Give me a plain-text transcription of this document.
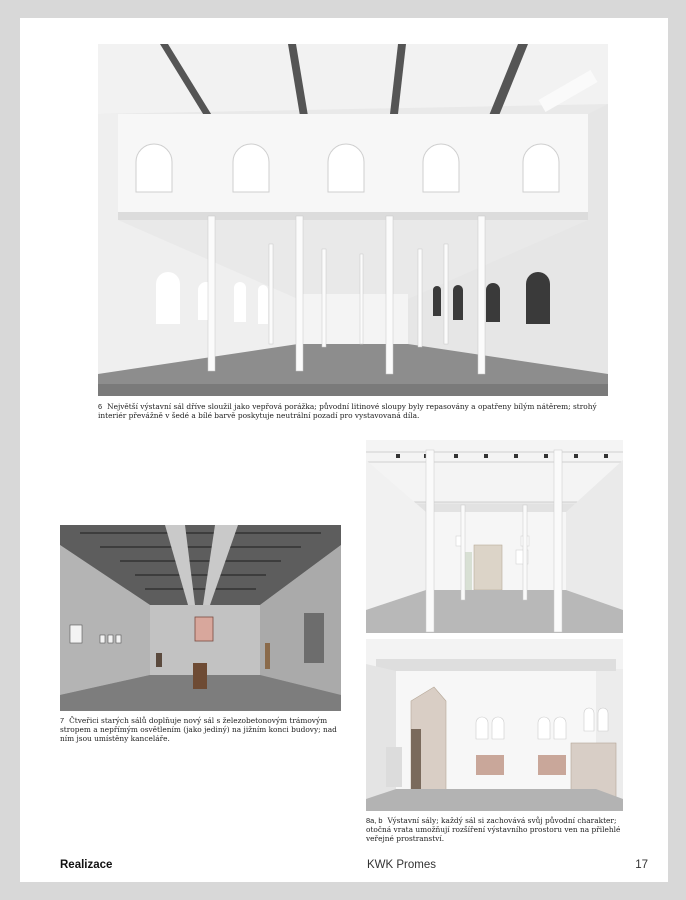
6 Největší výstavní sál dříve sloužil jako vepřová porážka; původní litinové sloupy byly repasovány a opatřeny bílým nátěrem; strohý interiér převážně v šedé a bílé barvě poskytuje neutrální pozadí pro vystavovaná díla.
7 Čtveřici starých sálů doplňuje nový sál s železobetonovým trámovým stropem a nepřímým osvětlením (jako jediný) na jižním konci budovy; nad ním jsou umístěny kanceláře.
8a, b Výstavní sály; každý sál si zachovává svůj původní charakter; otočná vrata umožňují rozšíření výstavního prostoru ven na přilehlé veřejné prostranství.
Realizace	KWK Promes	17
